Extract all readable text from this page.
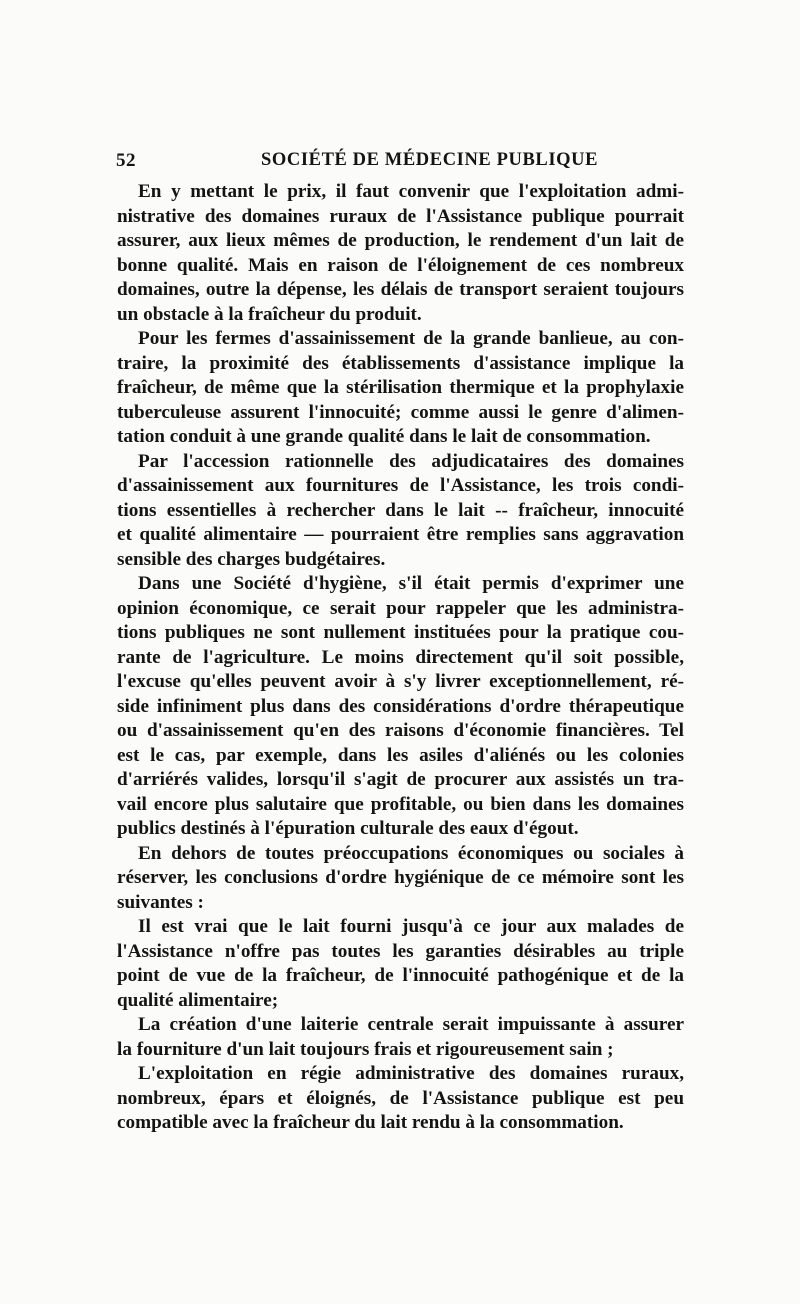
52	SOCIÉTÉ DE MÉDECINE PUBLIQUE
En y mettant le prix, il faut convenir que l'exploitation admi-
nistrative des domaines ruraux de l'Assistance publique pourrait
assurer, aux lieux mêmes de production, le rendement d'un lait de
bonne qualité. Mais en raison de l'éloignement de ces nombreux
domaines, outre la dépense, les délais de transport seraient toujours
un obstacle à la fraîcheur du produit.
Pour les fermes d'assainissement de la grande banlieue, au con-
traire, la proximité des établissements d'assistance implique la
fraîcheur, de même que la stérilisation thermique et la prophylaxie
tuberculeuse assurent l'innocuité; comme aussi le genre d'alimen-
tation conduit à une grande qualité dans le lait de consommation.
Par l'accession rationnelle des adjudicataires des domaines
d'assainissement aux fournitures de l'Assistance, les trois condi-
tions essentielles à rechercher dans le lait -- fraîcheur, innocuité
et qualité alimentaire — pourraient être remplies sans aggravation
sensible des charges budgétaires.
Dans une Société d'hygiène, s'il était permis d'exprimer une
opinion économique, ce serait pour rappeler que les administra-
tions publiques ne sont nullement instituées pour la pratique cou-
rante de l'agriculture. Le moins directement qu'il soit possible,
l'excuse qu'elles peuvent avoir à s'y livrer exceptionnellement, ré-
side infiniment plus dans des considérations d'ordre thérapeutique
ou d'assainissement qu'en des raisons d'économie financières. Tel
est le cas, par exemple, dans les asiles d'aliénés ou les colonies
d'arriérés valides, lorsqu'il s'agit de procurer aux assistés un tra-
vail encore plus salutaire que profitable, ou bien dans les domaines
publics destinés à l'épuration culturale des eaux d'égout.
En dehors de toutes préoccupations économiques ou sociales à
réserver, les conclusions d'ordre hygiénique de ce mémoire sont les
suivantes :
Il est vrai que le lait fourni jusqu'à ce jour aux malades de
l'Assistance n'offre pas toutes les garanties désirables au triple
point de vue de la fraîcheur, de l'innocuité pathogénique et de la
qualité alimentaire;
La création d'une laiterie centrale serait impuissante à assurer
la fourniture d'un lait toujours frais et rigoureusement sain ;
L'exploitation en régie administrative des domaines ruraux,
nombreux, épars et éloignés, de l'Assistance publique est peu
compatible avec la fraîcheur du lait rendu à la consommation.
